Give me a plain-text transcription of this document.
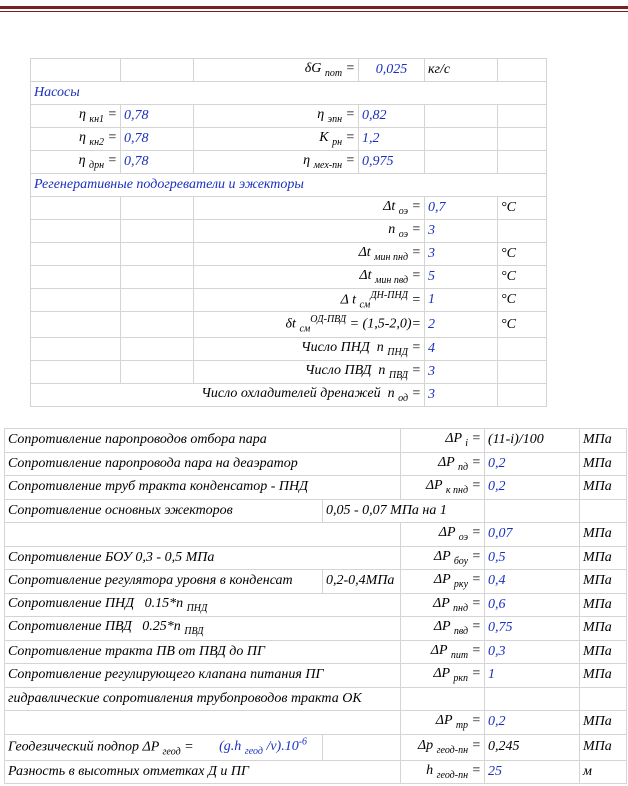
		δG $_{пот}$ =	0,025	кг/с	
Насосы					
η $_{кн1}$ =	0,78	η $_{эпн}$ =	0,82		
η $_{кн2}$ =	0,78	K $_{рн}$ =	1,2		
η $_{дрн}$ =	0,78	η $_{мех-пн}$ =	0,975		
Регенеративные подогреватели и эжекторы					
		Δt $_{оэ}$ =		0,7	°C
		n $_{оэ}$ =		3	
		Δt $_{мин пнд}$ =		3	°C
		Δt $_{мин пвд}$ =		5	°C
		Δ t $_{см}^{ДН-ПНД}$ =		1	°C
		δt $_{см}^{ОД-ПВД}$ = (1,5-2,0)=		2	°C
		Число ПНД  n $_{ПНД}$ =		4	
		Число ПВД  n $_{ПВД}$ =		3	
Число охладителей дренажей  n $_{од}$ =				3	
Сопротивление паропроводов отбора пара		ΔP $_i$ =	(11-i)/100	МПа
Сопротивление паропровода пара на деаэратор		ΔP $_{пд}$ =	0,2	МПа
Сопротивление труб тракта конденсатор - ПНД		ΔP $_{к пнд}$ =	0,2	МПа
Сопротивление основных эжекторов	0,05 - 0,07 МПа на 1			
		ΔP $_{оэ}$ =	0,07	МПа
Сопротивление БОУ 0,3 - 0,5 МПа		ΔP $_{боу}$ =	0,5	МПа
Сопротивление регулятора уровня в конденсат	0,2-0,4МПа	ΔP $_{рку}$ =	0,4	МПа
Сопротивление ПНД   0.15*n $_{ПНД}$		ΔP $_{пнд}$ =	0,6	МПа
Сопротивление ПВД   0.25*n $_{ПВД}$		ΔP $_{пвд}$ =	0,75	МПа
Сопротивление тракта ПВ от ПВД до ПГ		ΔP $_{пит}$ =	0,3	МПа
Сопротивление регулирующего клапана питания ПГ		ΔP $_{ркп}$ =	1	МПа
гидравлические сопротивления трубопроводов тракта ОК				
		ΔP $_{тр}$ =	0,2	МПа
Геодезический подпор ΔP $_{геод}$ = (g.h $_{геод}$ $/v).10^{-6}$		Δp $_{геод-пн}$ =	0,245	МПа
Разность в высотных отметках Д и ПГ		h $_{геод-пн}$ =	25	м
